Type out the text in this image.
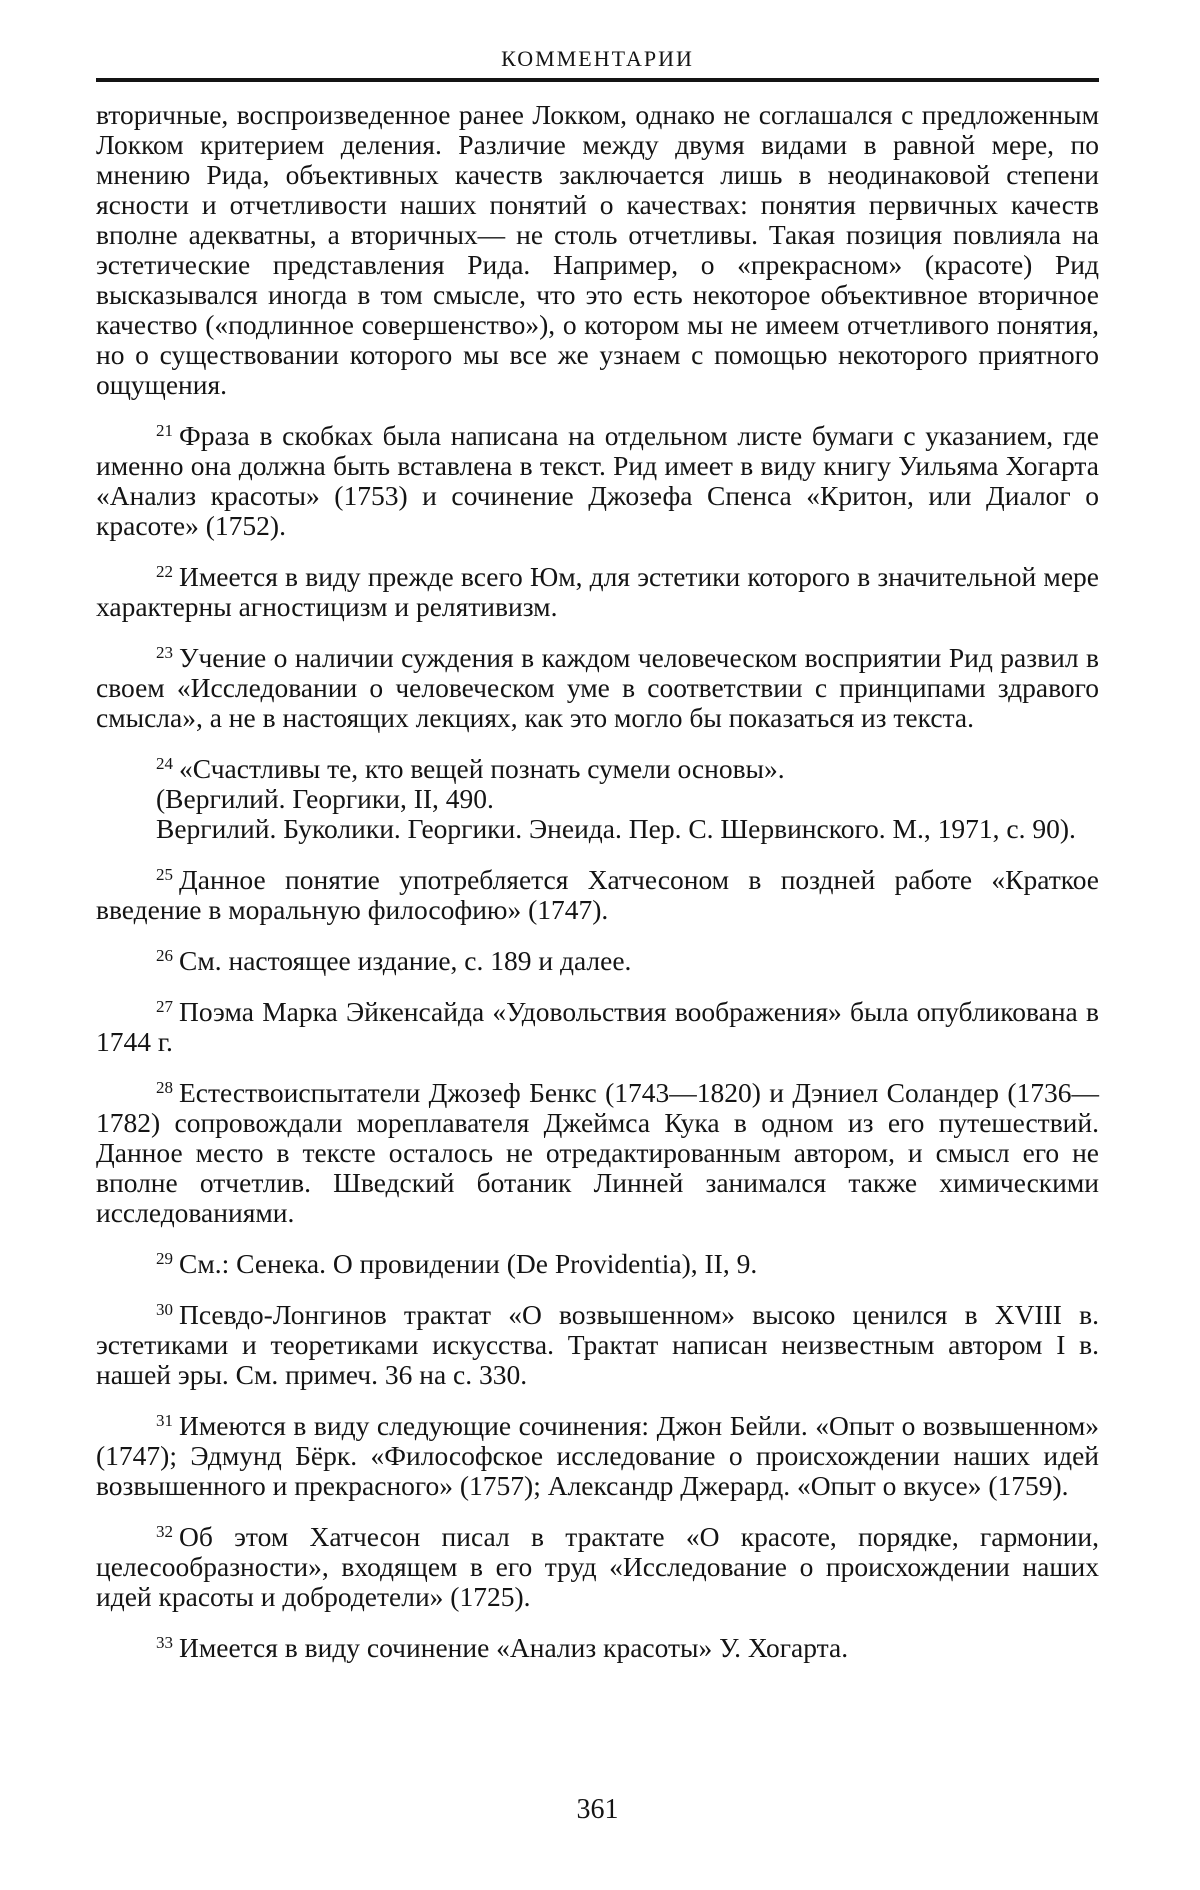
КОММЕНТАРИИ

вторичные, воспроизведенное ранее Локком, однако не соглашался с предложенным Локком критерием деления. Различие между двумя видами в равной мере, по мнению Рида, объективных качеств заключается лишь в неодинаковой степени ясности и отчетливости наших понятий о качествах: понятия первичных качеств вполне адекватны, а вторичных— не столь отчетливы. Такая позиция повлияла на эстетические представления Рида. Например, о «прекрасном» (красоте) Рид высказывался иногда в том смысле, что это есть некоторое объективное вторичное качество («подлинное совершенство»), о котором мы не имеем отчетливого понятия, но о существовании которого мы все же узнаем с помощью некоторого приятного ощущения.

$^{21}$ Фраза в скобках была написана на отдельном листе бумаги с указанием, где именно она должна быть вставлена в текст. Рид имеет в виду книгу Уильяма Хогарта «Анализ красоты» (1753) и сочинение Джозефа Спенса «Критон, или Диалог о красоте» (1752).

$^{22}$ Имеется в виду прежде всего Юм, для эстетики которого в значительной мере характерны агностицизм и релятивизм.

$^{23}$ Учение о наличии суждения в каждом человеческом восприятии Рид развил в своем «Исследовании о человеческом уме в соответствии с принципами здравого смысла», а не в настоящих лекциях, как это могло бы показаться из текста.

$^{24}$ «Счастливы те, кто вещей познать сумели основы».
(Вергилий. Георгики, II, 490.
Вергилий. Буколики. Георгики. Энеида. Пер. С. Шервинского. М., 1971, с. 90).

$^{25}$ Данное понятие употребляется Хатчесоном в поздней работе «Краткое введение в моральную философию» (1747).

$^{26}$ См. настоящее издание, с. 189 и далее.

$^{27}$ Поэма Марка Эйкенсайда «Удовольствия воображения» была опубликована в 1744 г.

$^{28}$ Естествоиспытатели Джозеф Бенкс (1743—1820) и Дэниел Соландер (1736—1782) сопровождали мореплавателя Джеймса Кука в одном из его путешествий. Данное место в тексте осталось не отредактированным автором, и смысл его не вполне отчетлив. Шведский ботаник Линней занимался также химическими исследованиями.

$^{29}$ См.: Сенека. О провидении (De Providentia), II, 9.

$^{30}$ Псевдо-Лонгинов трактат «О возвышенном» высоко ценился в XVIII в. эстетиками и теоретиками искусства. Трактат написан неизвестным автором I в. нашей эры. См. примеч. 36 на с. 330.

$^{31}$ Имеются в виду следующие сочинения: Джон Бейли. «Опыт о возвышенном» (1747); Эдмунд Бёрк. «Философское исследование о происхождении наших идей возвышенного и прекрасного» (1757); Александр Джерард. «Опыт о вкусе» (1759).

$^{32}$ Об этом Хатчесон писал в трактате «О красоте, порядке, гармонии, целесообразности», входящем в его труд «Исследование о происхождении наших идей красоты и добродетели» (1725).

$^{33}$ Имеется в виду сочинение «Анализ красоты» У. Хогарта.

361
